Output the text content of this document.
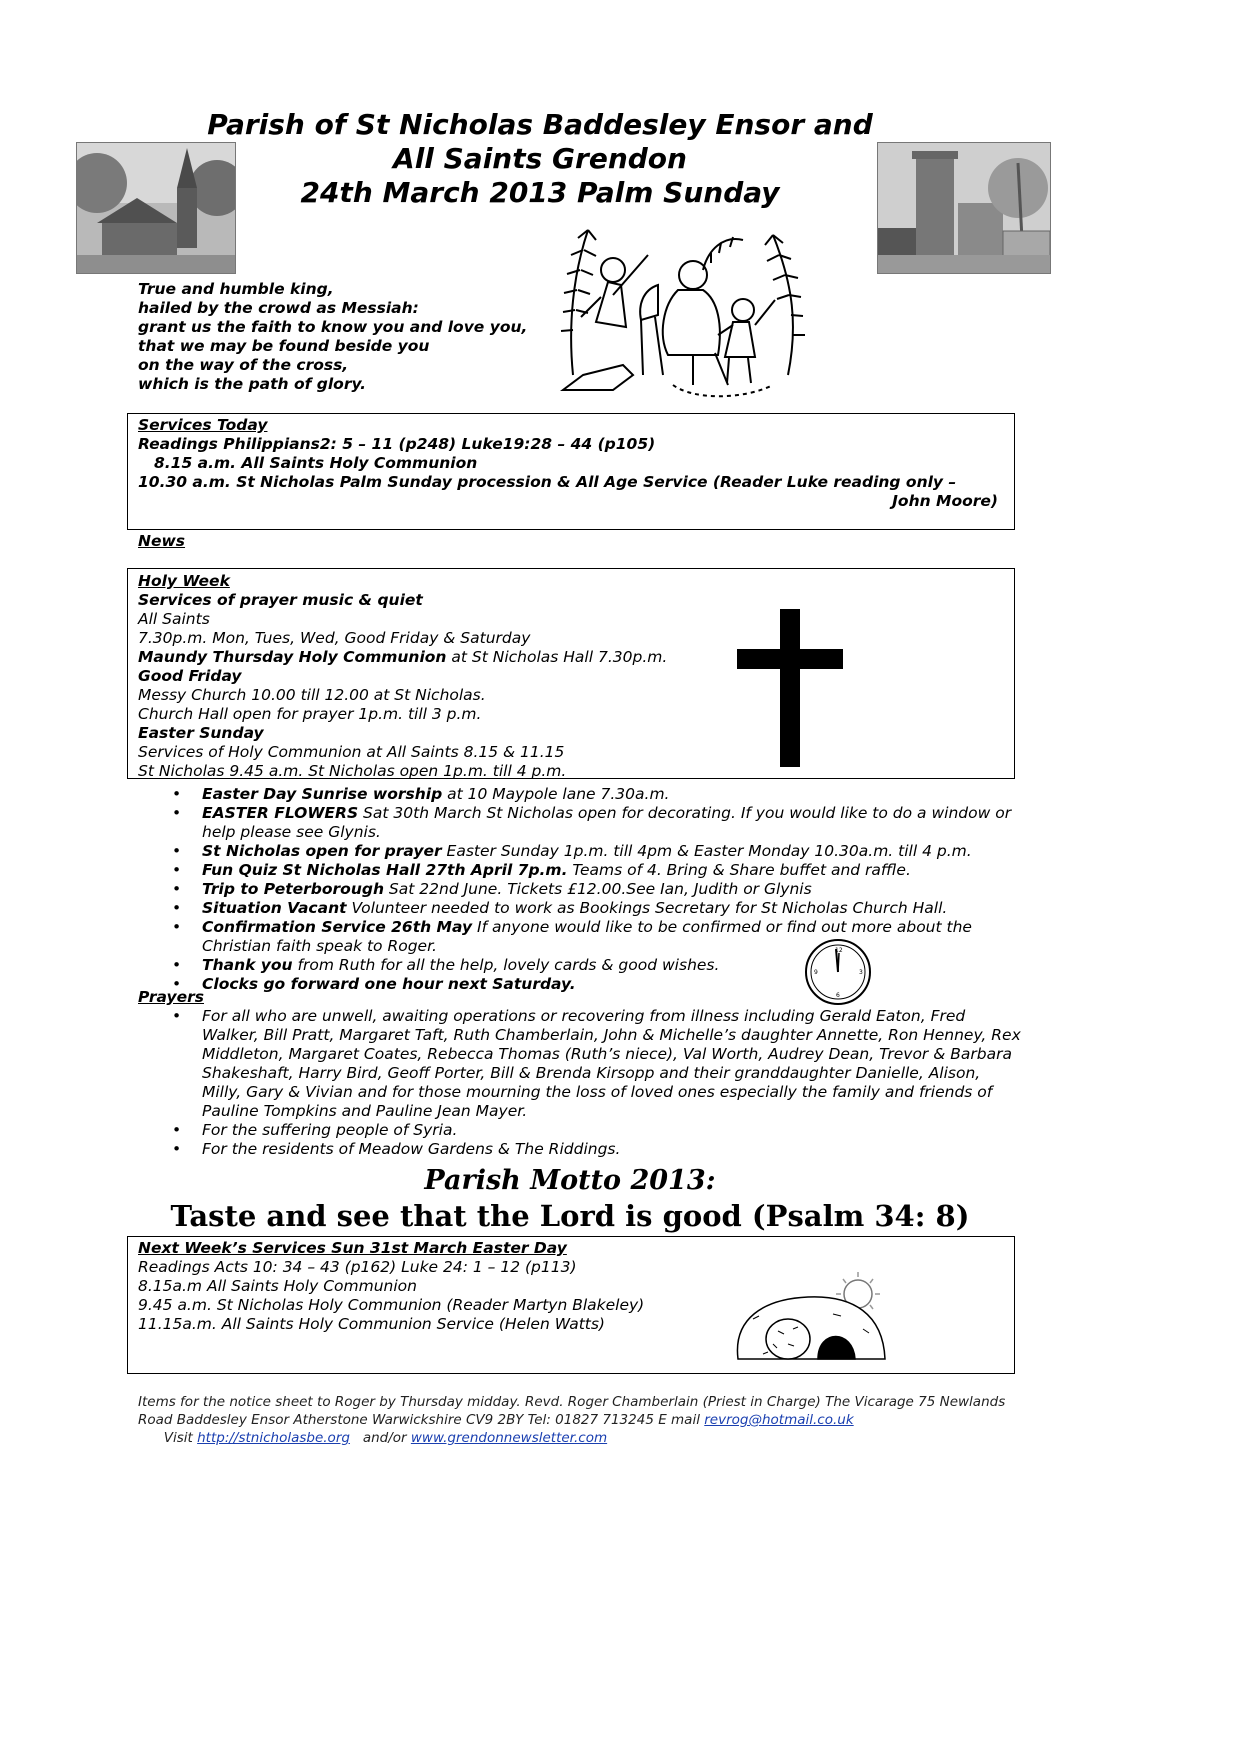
Parish of St Nicholas Baddesley Ensor and
All Saints Grendon
24th March 2013 Palm Sunday
True and humble king,
hailed by the crowd as Messiah:
grant us the faith to know you and love you,
that we may be found beside you
on the way of the cross,
which is the path of glory.
Services Today
Readings Philippians2: 5 – 11 (p248) Luke19:28 – 44 (p105)
8.15 a.m. All Saints Holy Communion
10.30 a.m. St Nicholas Palm Sunday procession & All Age Service (Reader Luke reading only –
John Moore)
News
Holy Week
Services of prayer music & quiet
All Saints
7.30p.m. Mon, Tues, Wed, Good Friday & Saturday
Maundy Thursday Holy Communion at St Nicholas Hall 7.30p.m.
Good Friday
Messy Church 10.00 till 12.00 at St Nicholas.
Church Hall open for prayer 1p.m. till 3 p.m.
Easter Sunday
Services of Holy Communion at All Saints 8.15 & 11.15
St Nicholas 9.45 a.m. St Nicholas open 1p.m. till 4 p.m.
• Easter Day Sunrise worship at 10 Maypole lane 7.30a.m.
• EASTER FLOWERS Sat 30th March St Nicholas open for decorating. If you would like to do a window or help please see Glynis.
• St Nicholas open for prayer Easter Sunday 1p.m. till 4pm & Easter Monday 10.30a.m. till 4 p.m.
• Fun Quiz St Nicholas Hall 27th April 7p.m. Teams of 4. Bring & Share buffet and raffle.
• Trip to Peterborough Sat 22nd June. Tickets £12.00.See Ian, Judith or Glynis
• Situation Vacant Volunteer needed to work as Bookings Secretary for St Nicholas Church Hall.
• Confirmation Service 26th May If anyone would like to be confirmed or find out more about the Christian faith speak to Roger.
• Thank you from Ruth for all the help, lovely cards & good wishes.
• Clocks go forward one hour next Saturday.
12
3
6
9
Prayers
• For all who are unwell, awaiting operations or recovering from illness including Gerald Eaton, Fred Walker, Bill Pratt, Margaret Taft, Ruth Chamberlain, John & Michelle’s daughter Annette, Ron Henney, Rex Middleton, Margaret Coates, Rebecca Thomas (Ruth’s niece), Val Worth, Audrey Dean, Trevor & Barbara Shakeshaft, Harry Bird, Geoff Porter, Bill & Brenda Kirsopp and their granddaughter Danielle, Alison, Milly, Gary & Vivian and for those mourning the loss of loved ones especially the family and friends of Pauline Tompkins and Pauline Jean Mayer.
• For the suffering people of Syria.
• For the residents of Meadow Gardens & The Riddings.
Parish Motto 2013:
Taste and see that the Lord is good (Psalm 34: 8)
Next Week’s Services Sun 31st March Easter Day
Readings Acts 10: 34 – 43 (p162) Luke 24: 1 – 12 (p113)
8.15a.m All Saints Holy Communion
9.45 a.m. St Nicholas Holy Communion (Reader Martyn Blakeley)
11.15a.m. All Saints Holy Communion Service (Helen Watts)
Items for the notice sheet to Roger by Thursday midday. Revd. Roger Chamberlain (Priest in Charge) The Vicarage 75 Newlands Road Baddesley Ensor Atherstone Warwickshire CV9 2BY Tel: 01827 713245 E mail revrog@hotmail.co.uk      Visit http://stnicholasbe.org   and/or www.grendonnewsletter.com
